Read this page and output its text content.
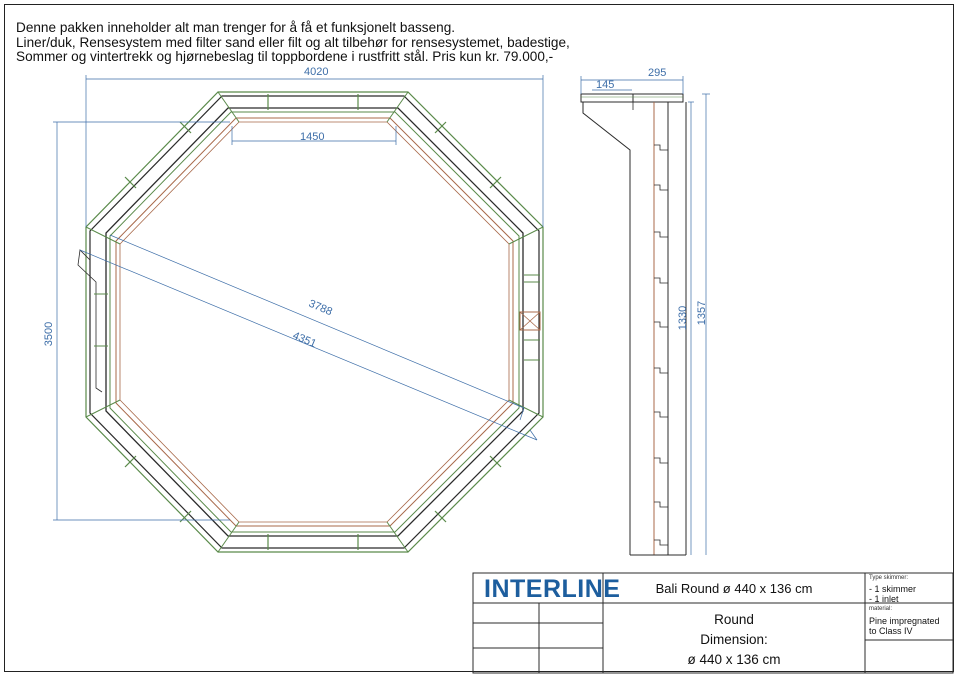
Denne pakken inneholder alt man trenger for å få et funksjonelt basseng.
Liner/duk, Rensesystem med filter sand eller filt og alt tilbehør for rensesystemet, badestige,
Sommer og vintertrekk og hjørnebeslag til toppbordene i rustfritt stål. Pris kun kr. 79.000,-
4020
1450
3500
3788
4351
295
145
1330 1357
INTERLINE	Bali Round ø 440 x 136 cm
Round
Dimension:
ø 440 x 136 cm
Type skimmer:
- 1 skimmer
- 1 inlet
material:
Pine impregnated
to Class IV
